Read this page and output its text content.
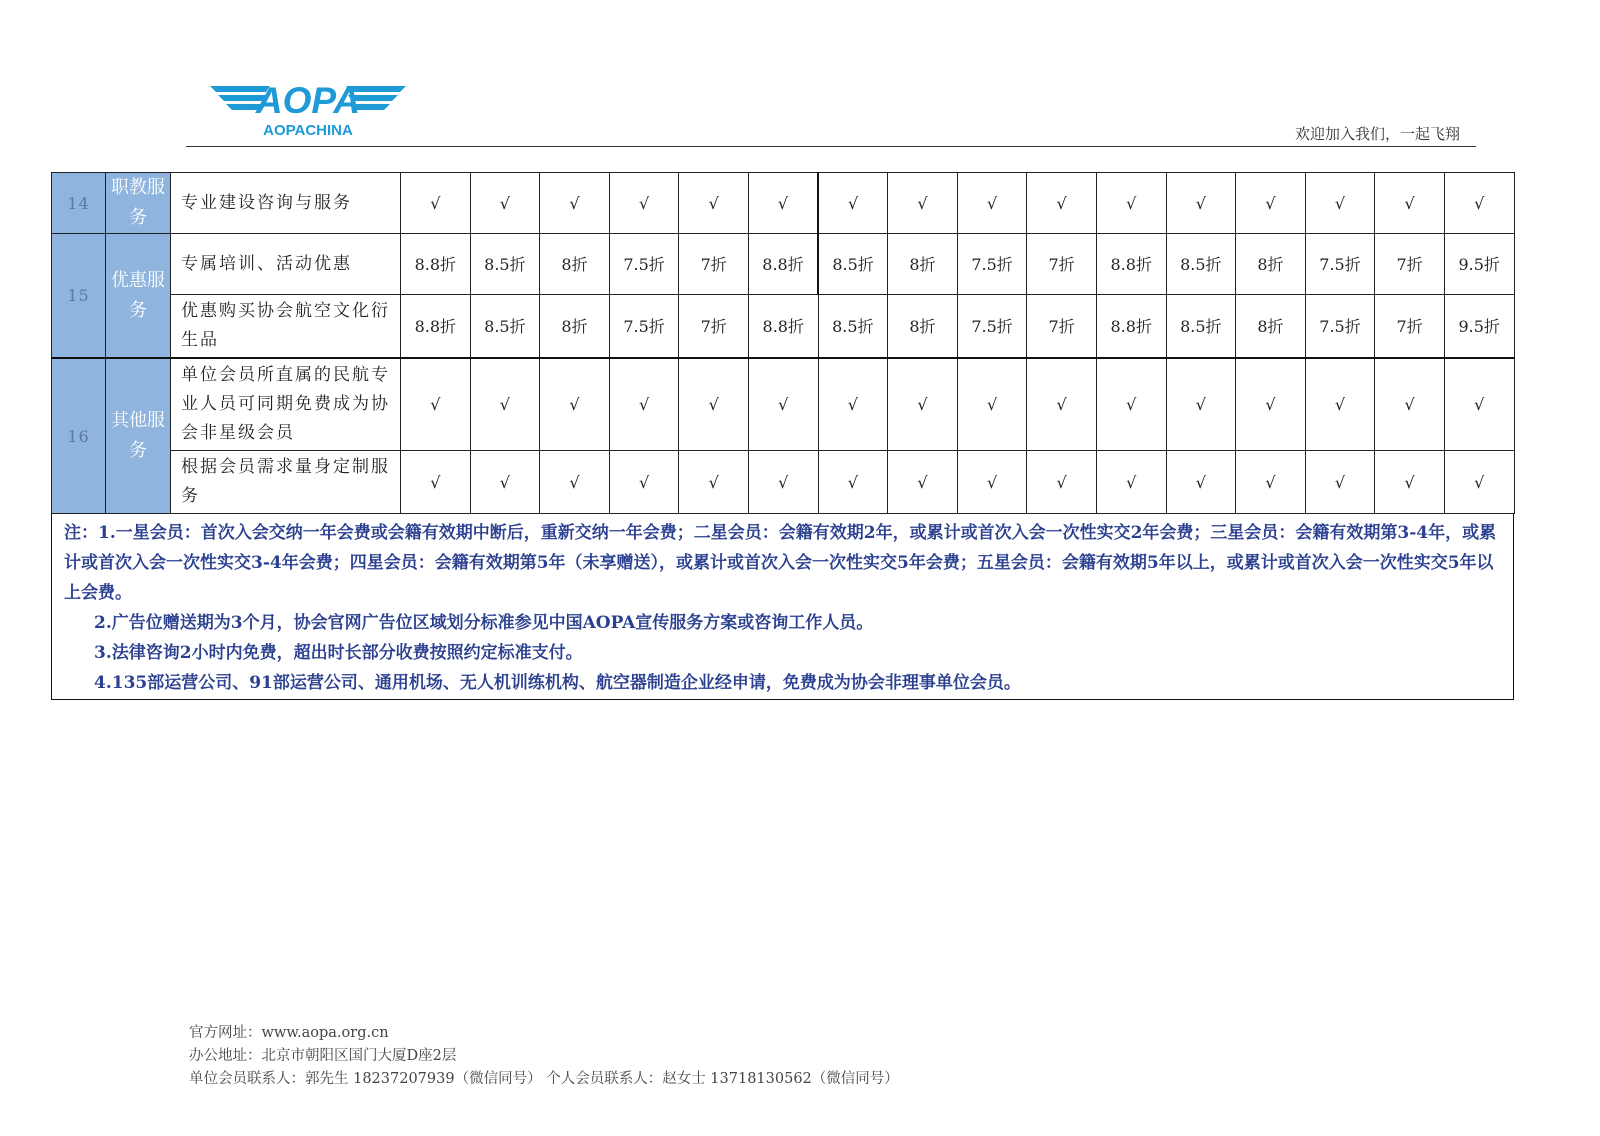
AOPA
AOPACHINA	欢迎加入我们，一起飞翔
14	职教服务	专业建设咨询与服务	√	√	√	√	√	√	√	√	√	√	√	√	√	√	√	√
15	优惠服务	专属培训、活动优惠	8.8折	8.5折	8折	7.5折	7折	8.8折	8.5折	8折	7.5折	7折	8.8折	8.5折	8折	7.5折	7折	9.5折
		优惠购买协会航空文化衍生品	8.8折	8.5折	8折	7.5折	7折	8.8折	8.5折	8折	7.5折	7折	8.8折	8.5折	8折	7.5折	7折	9.5折
16	其他服务	单位会员所直属的民航专业人员可同期免费成为协会非星级会员	√	√	√	√	√	√	√	√	√	√	√	√	√	√	√	√
		根据会员需求量身定制服务	√	√	√	√	√	√	√	√	√	√	√	√	√	√	√	√

注：1.一星会员：首次入会交纳一年会费或会籍有效期中断后，重新交纳一年会费；二星会员：会籍有效期2年，或累计或首次入会一次性实交2年会费；三星会员：会籍有效期第3-4年，或累计或首次入会一次性实交3-4年会费；四星会员：会籍有效期第5年（未享赠送），或累计或首次入会一次性实交5年会费；五星会员：会籍有效期5年以上，或累计或首次入会一次性实交5年以上会费。

2.广告位赠送期为3个月，协会官网广告位区域划分标准参见中国AOPA宣传服务方案或咨询工作人员。

3.法律咨询2小时内免费，超出时长部分收费按照约定标准支付。

4.135部运营公司、91部运营公司、通用机场、无人机训练机构、航空器制造企业经申请，免费成为协会非理事单位会员。

官方网址：www.aopa.org.cn
办公地址：北京市朝阳区国门大厦D座2层
单位会员联系人：郭先生 18237207939（微信同号） 个人会员联系人：赵女士 13718130562（微信同号）
